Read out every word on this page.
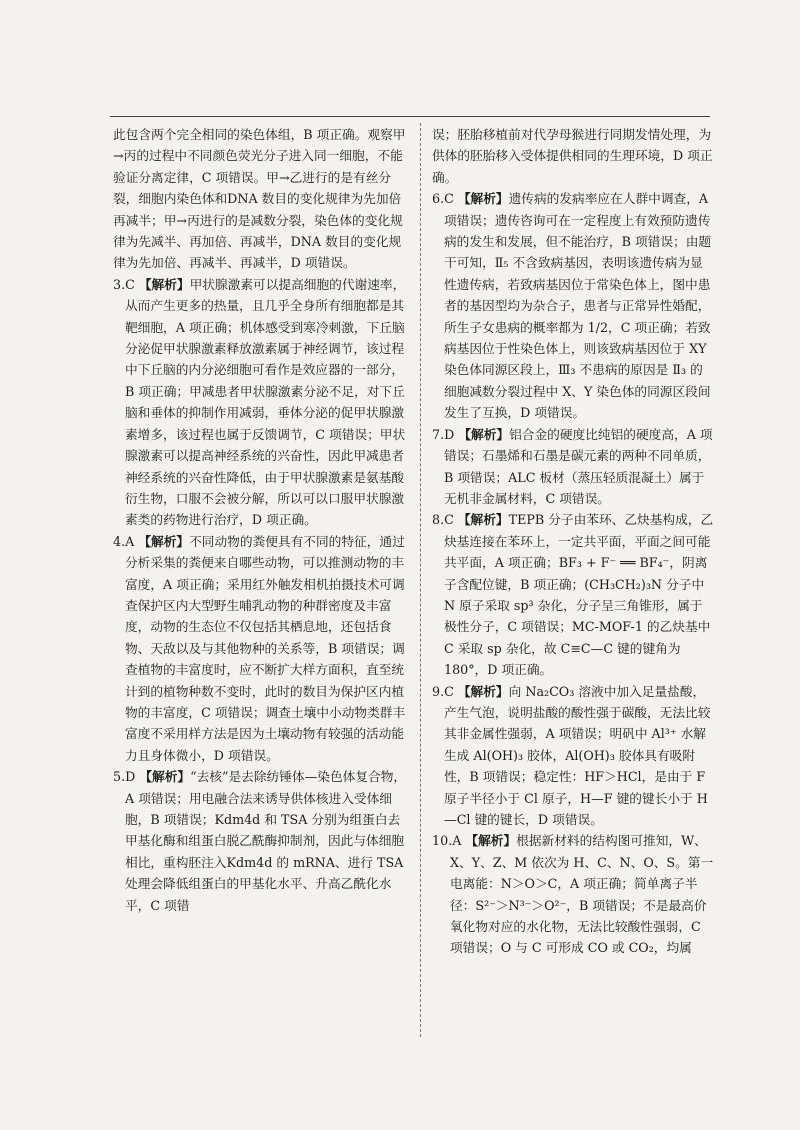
此包含两个完全相同的染色体组，B 项正确。观察甲→丙的过程中不同颜色荧光分子进入同一细胞，不能验证分离定律，C 项错误。甲→乙进行的是有丝分裂，细胞内染色体和DNA 数目的变化规律为先加倍再减半；甲→丙进行的是减数分裂，染色体的变化规律为先减半、再加倍、再减半，DNA 数目的变化规律为先加倍、再减半、再减半，D 项错误。

3.C 【解析】甲状腺激素可以提高细胞的代谢速率，从而产生更多的热量，且几乎全身所有细胞都是其靶细胞，A 项正确；机体感受到寒冷刺激，下丘脑分泌促甲状腺激素释放激素属于神经调节，该过程中下丘脑的内分泌细胞可看作是效应器的一部分，B 项正确；甲减患者甲状腺激素分泌不足，对下丘脑和垂体的抑制作用减弱，垂体分泌的促甲状腺激素增多，该过程也属于反馈调节，C 项错误；甲状腺激素可以提高神经系统的兴奋性，因此甲减患者神经系统的兴奋性降低，由于甲状腺激素是氨基酸衍生物，口服不会被分解，所以可以口服甲状腺激素类的药物进行治疗，D 项正确。

4.A 【解析】不同动物的粪便具有不同的特征，通过分析采集的粪便来自哪些动物，可以推测动物的丰富度，A 项正确；采用红外触发相机拍摄技术可调查保护区内大型野生哺乳动物的种群密度及丰富度，动物的生态位不仅包括其栖息地，还包括食物、天敌以及与其他物种的关系等，B 项错误；调查植物的丰富度时，应不断扩大样方面积，直至统计到的植物种数不变时，此时的数目为保护区内植物的丰富度，C 项错误；调查土壤中小动物类群丰富度不采用样方法是因为土壤动物有较强的活动能力且身体微小，D 项错误。

5.D 【解析】“去核”是去除纺锤体—染色体复合物，A 项错误；用电融合法来诱导供体核进入受体细胞，B 项错误；Kdm4d 和 TSA 分别为组蛋白去甲基化酶和组蛋白脱乙酰酶抑制剂，因此与体细胞相比，重构胚注入Kdm4d 的 mRNA、进行 TSA 处理会降低组蛋白的甲基化水平、升高乙酰化水平，C 项错

误；胚胎移植前对代孕母猴进行同期发情处理，为供体的胚胎移入受体提供相同的生理环境，D 项正确。

6.C 【解析】遗传病的发病率应在人群中调查，A 项错误；遗传咨询可在一定程度上有效预防遗传病的发生和发展，但不能治疗，B 项错误；由题干可知，Ⅱ₅ 不含致病基因，表明该遗传病为显性遗传病，若致病基因位于常染色体上，图中患者的基因型均为杂合子，患者与正常异性婚配，所生子女患病的概率都为 1/2，C 项正确；若致病基因位于性染色体上，则该致病基因位于 XY 染色体同源区段上，Ⅲ₃ 不患病的原因是 Ⅱ₃ 的细胞减数分裂过程中 X、Y 染色体的同源区段间发生了互换，D 项错误。

7.D 【解析】铝合金的硬度比纯铝的硬度高，A 项错误；石墨烯和石墨是碳元素的两种不同单质，B 项错误；ALC 板材（蒸压轻质混凝土）属于无机非金属材料，C 项错误。

8.C 【解析】TEPB 分子由苯环、乙炔基构成，乙炔基连接在苯环上，一定共平面，平面之间可能共平面，A 项正确；BF₃ + F⁻ ══ BF₄⁻，阴离子含配位键，B 项正确；(CH₃CH₂)₃N 分子中 N 原子采取 sp³ 杂化，分子呈三角锥形，属于极性分子，C 项错误；MC-MOF-1 的乙炔基中 C 采取 sp 杂化，故 C≡C—C 键的键角为 180°，D 项正确。

9.C 【解析】向 Na₂CO₃ 溶液中加入足量盐酸，产生气泡，说明盐酸的酸性强于碳酸，无法比较其非金属性强弱，A 项错误；明矾中 Al³⁺ 水解生成 Al(OH)₃ 胶体，Al(OH)₃ 胶体具有吸附性，B 项错误；稳定性：HF＞HCl，是由于 F 原子半径小于 Cl 原子，H—F 键的键长小于 H—Cl 键的键长，D 项错误。

10.A 【解析】根据新材料的结构图可推知，W、X、Y、Z、M 依次为 H、C、N、O、S。第一电离能：N＞O＞C，A 项正确；简单离子半径：S²⁻＞N³⁻＞O²⁻，B 项错误；不是最高价氧化物对应的水化物，无法比较酸性强弱，C 项错误；O 与 C 可形成 CO 或 CO₂，均属
